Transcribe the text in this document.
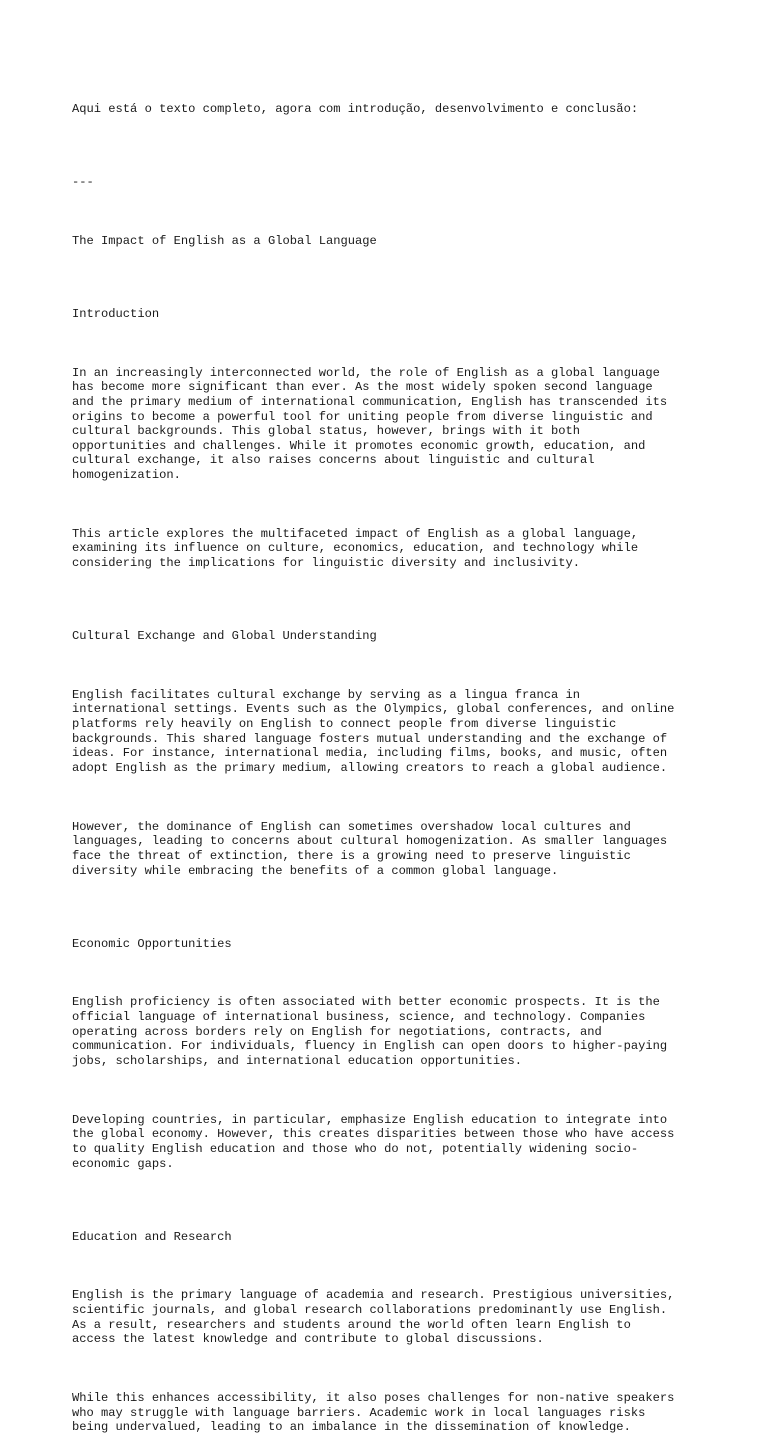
Aqui está o texto completo, agora com introdução, desenvolvimento e conclusão:

---

The Impact of English as a Global Language

Introduction

In an increasingly interconnected world, the role of English as a global language
has become more significant than ever. As the most widely spoken second language
and the primary medium of international communication, English has transcended its
origins to become a powerful tool for uniting people from diverse linguistic and
cultural backgrounds. This global status, however, brings with it both
opportunities and challenges. While it promotes economic growth, education, and
cultural exchange, it also raises concerns about linguistic and cultural
homogenization.

This article explores the multifaceted impact of English as a global language,
examining its influence on culture, economics, education, and technology while
considering the implications for linguistic diversity and inclusivity.

Cultural Exchange and Global Understanding

English facilitates cultural exchange by serving as a lingua franca in
international settings. Events such as the Olympics, global conferences, and online
platforms rely heavily on English to connect people from diverse linguistic
backgrounds. This shared language fosters mutual understanding and the exchange of
ideas. For instance, international media, including films, books, and music, often
adopt English as the primary medium, allowing creators to reach a global audience.

However, the dominance of English can sometimes overshadow local cultures and
languages, leading to concerns about cultural homogenization. As smaller languages
face the threat of extinction, there is a growing need to preserve linguistic
diversity while embracing the benefits of a common global language.

Economic Opportunities

English proficiency is often associated with better economic prospects. It is the
official language of international business, science, and technology. Companies
operating across borders rely on English for negotiations, contracts, and
communication. For individuals, fluency in English can open doors to higher-paying
jobs, scholarships, and international education opportunities.

Developing countries, in particular, emphasize English education to integrate into
the global economy. However, this creates disparities between those who have access
to quality English education and those who do not, potentially widening socio-
economic gaps.

Education and Research

English is the primary language of academia and research. Prestigious universities,
scientific journals, and global research collaborations predominantly use English.
As a result, researchers and students around the world often learn English to
access the latest knowledge and contribute to global discussions.

While this enhances accessibility, it also poses challenges for non-native speakers
who may struggle with language barriers. Academic work in local languages risks
being undervalued, leading to an imbalance in the dissemination of knowledge.
